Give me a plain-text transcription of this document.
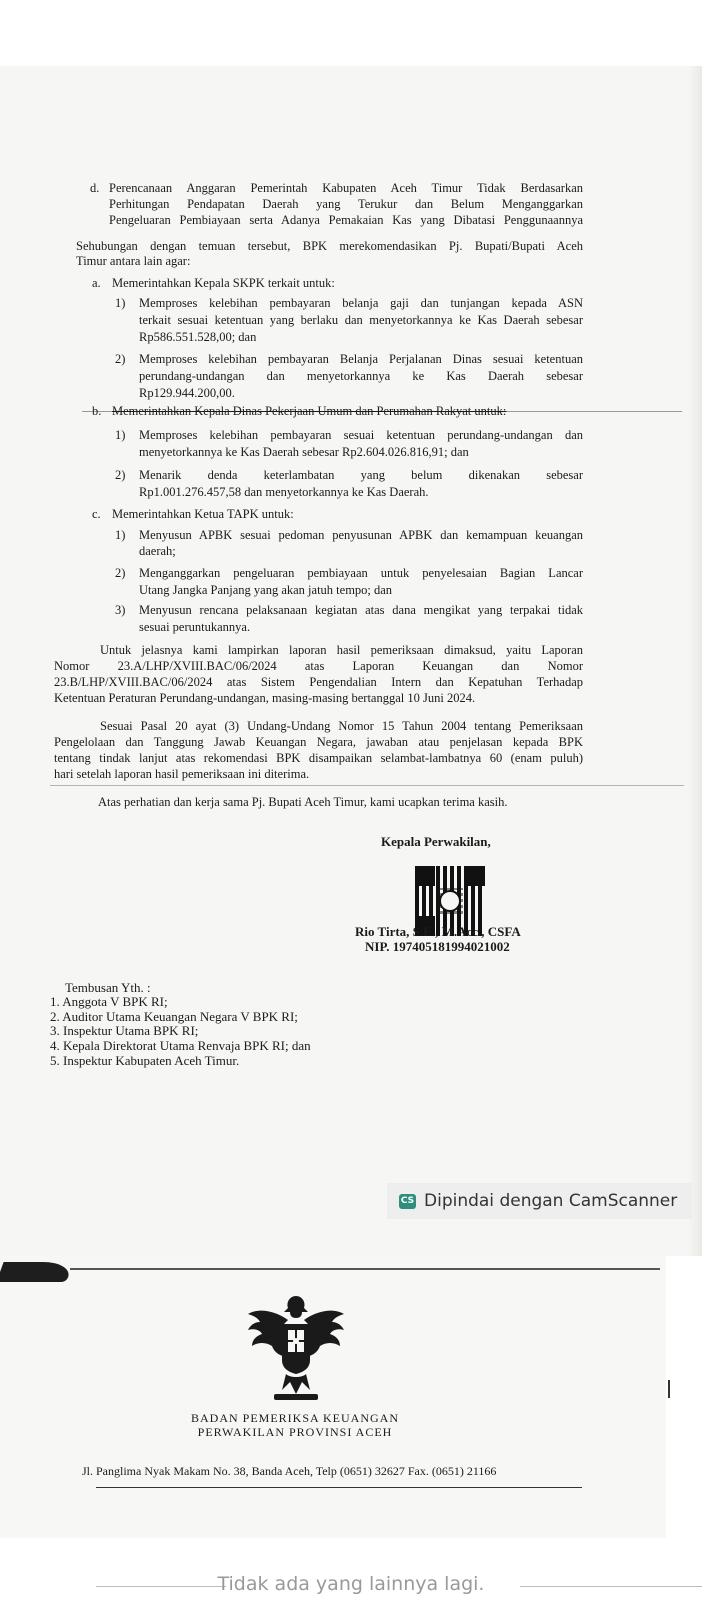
d. Perencanaan Anggaran Pemerintah Kabupaten Aceh Timur Tidak Berdasarkan
Perhitungan Pendapatan Daerah yang Terukur dan Belum Menganggarkan
Pengeluaran Pembiayaan serta Adanya Pemakaian Kas yang Dibatasi Penggunaannya
Sehubungan dengan temuan tersebut, BPK merekomendasikan Pj. Bupati/Bupati Aceh
Timur antara lain agar:
a. Memerintahkan Kepala SKPK terkait untuk:
1) Memproses kelebihan pembayaran belanja gaji dan tunjangan kepada ASN
terkait sesuai ketentuan yang berlaku dan menyetorkannya ke Kas Daerah sebesar
Rp586.551.528,00; dan
2) Memproses kelebihan pembayaran Belanja Perjalanan Dinas sesuai ketentuan
perundang-undangan dan menyetorkannya ke Kas Daerah sebesar
Rp129.944.200,00.
b. Memerintahkan Kepala Dinas Pekerjaan Umum dan Perumahan Rakyat untuk:
1) Memproses kelebihan pembayaran sesuai ketentuan perundang-undangan dan
menyetorkannya ke Kas Daerah sebesar Rp2.604.026.816,91; dan
2) Menarik denda keterlambatan yang belum dikenakan sebesar
Rp1.001.276.457,58 dan menyetorkannya ke Kas Daerah.
c. Memerintahkan Ketua TAPK untuk:
1) Menyusun APBK sesuai pedoman penyusunan APBK dan kemampuan keuangan
daerah;
2) Menganggarkan pengeluaran pembiayaan untuk penyelesaian Bagian Lancar
Utang Jangka Panjang yang akan jatuh tempo; dan
3) Menyusun rencana pelaksanaan kegiatan atas dana mengikat yang terpakai tidak
sesuai peruntukannya.
Untuk jelasnya kami lampirkan laporan hasil pemeriksaan dimaksud, yaitu Laporan
Nomor 23.A/LHP/XVIII.BAC/06/2024 atas Laporan Keuangan dan Nomor
23.B/LHP/XVIII.BAC/06/2024 atas Sistem Pengendalian Intern dan Kepatuhan Terhadap
Ketentuan Peraturan Perundang-undangan, masing-masing bertanggal 10 Juni 2024.
Sesuai Pasal 20 ayat (3) Undang-Undang Nomor 15 Tahun 2004 tentang Pemeriksaan
Pengelolaan dan Tanggung Jawab Keuangan Negara, jawaban atau penjelasan kepada BPK
tentang tindak lanjut atas rekomendasi BPK disampaikan selambat-lambatnya 60 (enam puluh)
hari setelah laporan hasil pemeriksaan ini diterima.
Atas perhatian dan kerja sama Pj. Bupati Aceh Timur, kami ucapkan terima kasih.
Kepala Perwakilan,
Rio Tirta, S.E., M.Acc., CSFA
NIP. 197405181994021002
Tembusan Yth. :
1. Anggota V BPK RI;
2. Auditor Utama Keuangan Negara V BPK RI;
3. Inspektur Utama BPK RI;
4. Kepala Direktorat Utama Renvaja BPK RI; dan
5. Inspektur Kabupaten Aceh Timur.
CS Dipindai dengan CamScanner
BADAN PEMERIKSA KEUANGAN
PERWAKILAN PROVINSI ACEH
Jl. Panglima Nyak Makam No. 38, Banda Aceh, Telp (0651) 32627 Fax. (0651) 21166
Tidak ada yang lainnya lagi.
